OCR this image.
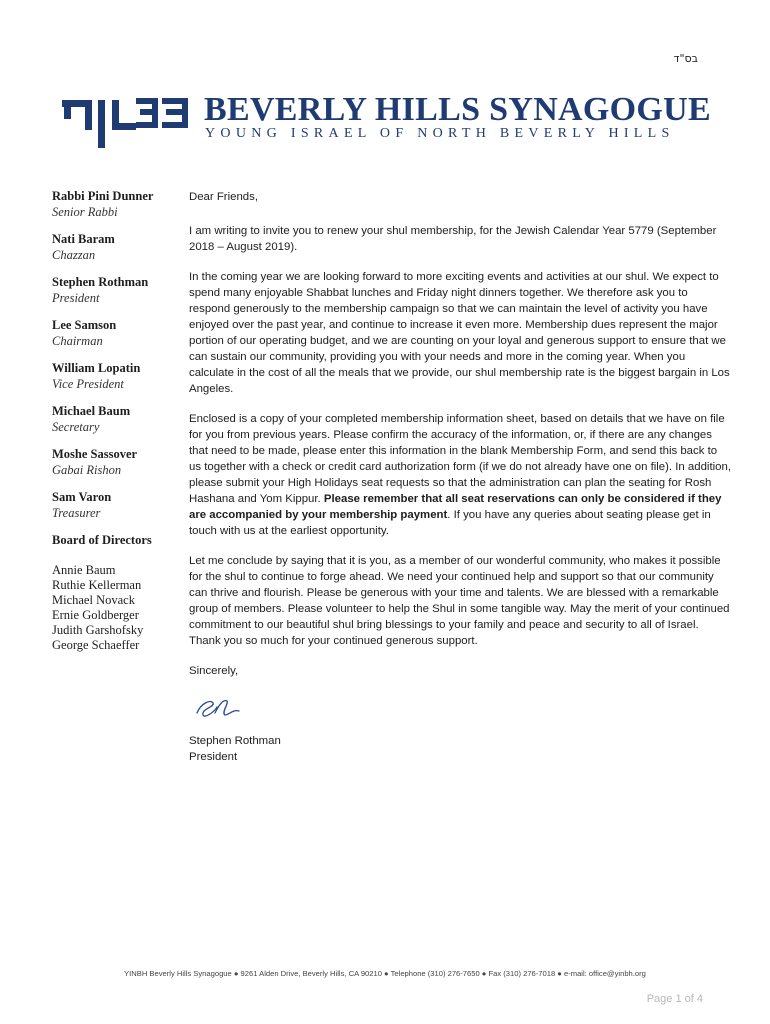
בס"ד
BEVERLY HILLS SYNAGOGUE
YOUNG ISRAEL OF NORTH BEVERLY HILLS
Rabbi Pini Dunner
Senior Rabbi
Nati Baram
Chazzan
Stephen Rothman
President
Lee Samson
Chairman
William Lopatin
Vice President
Michael Baum
Secretary
Moshe Sassover
Gabai Rishon
Sam Varon
Treasurer
Board of Directors
Annie Baum
Ruthie Kellerman
Michael Novack
Ernie Goldberger
Judith Garshofsky
George Schaeffer

Dear Friends,

I am writing to invite you to renew your shul membership, for the Jewish Calendar Year 5779 (September 2018 – August 2019).

In the coming year we are looking forward to more exciting events and activities at our shul. We expect to spend many enjoyable Shabbat lunches and Friday night dinners together. We therefore ask you to respond generously to the membership campaign so that we can maintain the level of activity you have enjoyed over the past year, and continue to increase it even more. Membership dues represent the major portion of our operating budget, and we are counting on your loyal and generous support to ensure that we can sustain our community, providing you with your needs and more in the coming year. When you calculate in the cost of all the meals that we provide, our shul membership rate is the biggest bargain in Los Angeles.

Enclosed is a copy of your completed membership information sheet, based on details that we have on file for you from previous years. Please confirm the accuracy of the information, or, if there are any changes that need to be made, please enter this information in the blank Membership Form, and send this back to us together with a check or credit card authorization form (if we do not already have one on file). In addition, please submit your High Holidays seat requests so that the administration can plan the seating for Rosh Hashana and Yom Kippur. Please remember that all seat reservations can only be considered if they are accompanied by your membership payment. If you have any queries about seating please get in touch with us at the earliest opportunity.

Let me conclude by saying that it is you, as a member of our wonderful community, who makes it possible for the shul to continue to forge ahead. We need your continued help and support so that our community can thrive and flourish. Please be generous with your time and talents. We are blessed with a remarkable group of members. Please volunteer to help the Shul in some tangible way. May the merit of your continued commitment to our beautiful shul bring blessings to your family and peace and security to all of Israel. Thank you so much for your continued generous support.

Sincerely,

Stephen Rothman
President
YINBH Beverly Hills Synagogue ● 9261 Alden Drive, Beverly Hills, CA 90210 ● Telephone (310) 276-7650 ● Fax (310) 276-7018 ● e-mail: office@yinbh.org
Page 1 of 4
